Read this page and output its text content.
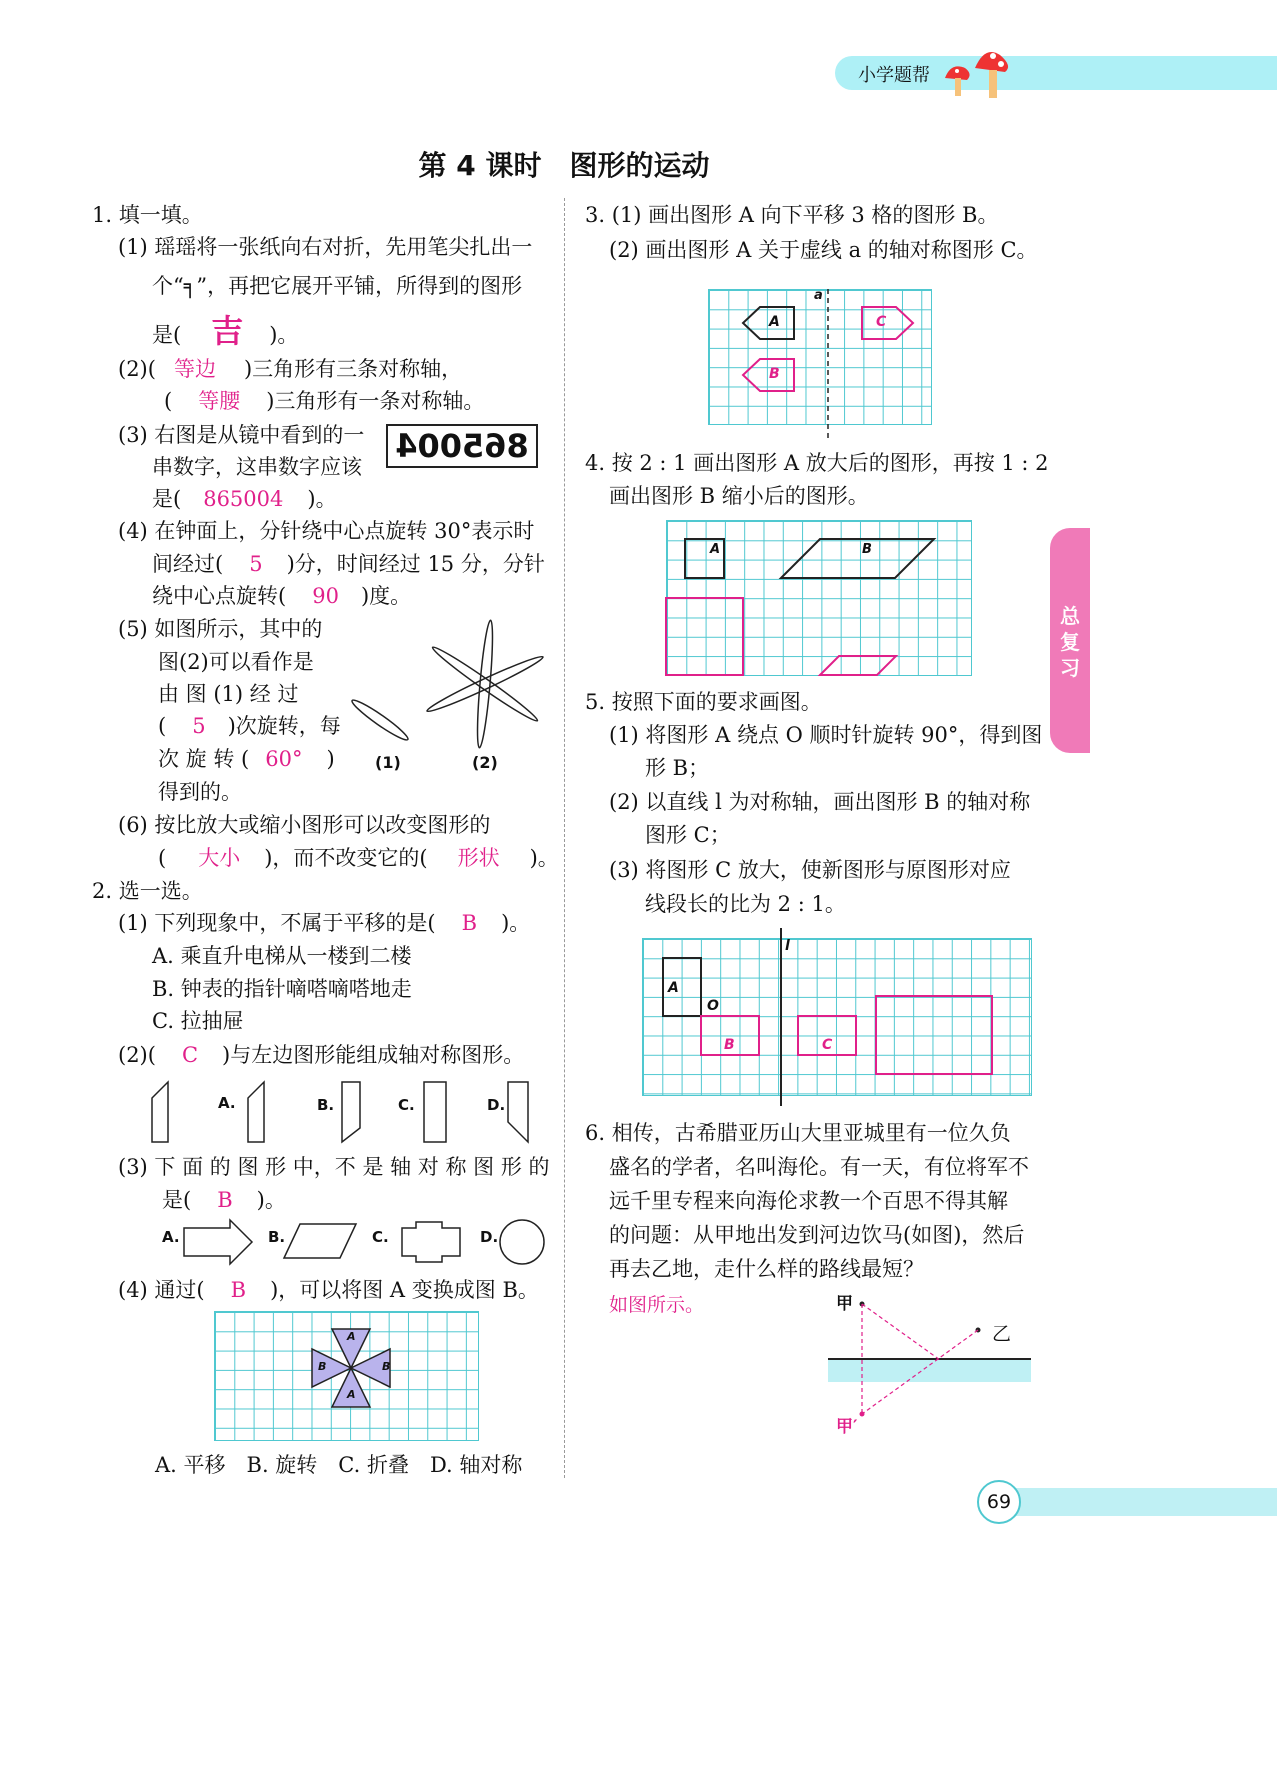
小学题帮
总
复
习
69
第 4 课时　图形的运动
1. 填一填。
(1) 瑶瑶将一张纸向右对折，先用笔尖扎出一
个“╕”，再把它展开平铺，所得到的图形
是( 吉 )。
(2)( 等边 )三角形有三条对称轴，
( 等腰 )三角形有一条对称轴。
(3) 右图是从镜中看到的一
串数字，这串数字应该
是( 865004 )。
865004
(4) 在钟面上，分针绕中心点旋转 30°表示时
间经过( 5 )分，时间经过 15 分，分针
绕中心点旋转( 90 )度。
(5) 如图所示，其中的
图(2)可以看作是
由 图 (1) 经 过
( 5 )次旋转，每
次 旋 转 ( 60° )
得到的。
(1)	(2)
(6) 按比放大或缩小图形可以改变图形的
( 大小 )，而不改变它的( 形状 )。
2. 选一选。
(1) 下列现象中，不属于平移的是( B )。
A. 乘直升电梯从一楼到二楼
B. 钟表的指针嘀嗒嘀嗒地走
C. 拉抽屉
(2)( C )与左边图形能组成轴对称图形。
A.	B.	C.	D.
(3) 下 面 的 图 形 中，不 是 轴 对 称 图 形 的
是( B )。
A.	B.	C.	D.
(4) 通过( B )，可以将图 A 变换成图 B。
A
B	B
A
A. 平移　B. 旋转　C. 折叠　D. 轴对称
3. (1) 画出图形 A 向下平移 3 格的图形 B。
(2) 画出图形 A 关于虚线 a 的轴对称图形 C。
a
A	C
B
4. 按 2 : 1 画出图形 A 放大后的图形，再按 1 : 2
画出图形 B 缩小后的图形。
A	B
5. 按照下面的要求画图。
(1) 将图形 A 绕点 O 顺时针旋转 90°，得到图
形 B；
(2) 以直线 l 为对称轴，画出图形 B 的轴对称
图形 C；
(3) 将图形 C 放大，使新图形与原图形对应
线段长的比为 2 : 1。
l
A
O
B	C
6. 相传，古希腊亚历山大里亚城里有一位久负
盛名的学者，名叫海伦。有一天，有位将军不
远千里专程来向海伦求教一个百思不得其解
的问题：从甲地出发到河边饮马(如图)，然后
再去乙地，走什么样的路线最短？
如图所示。	甲
乙
甲′
